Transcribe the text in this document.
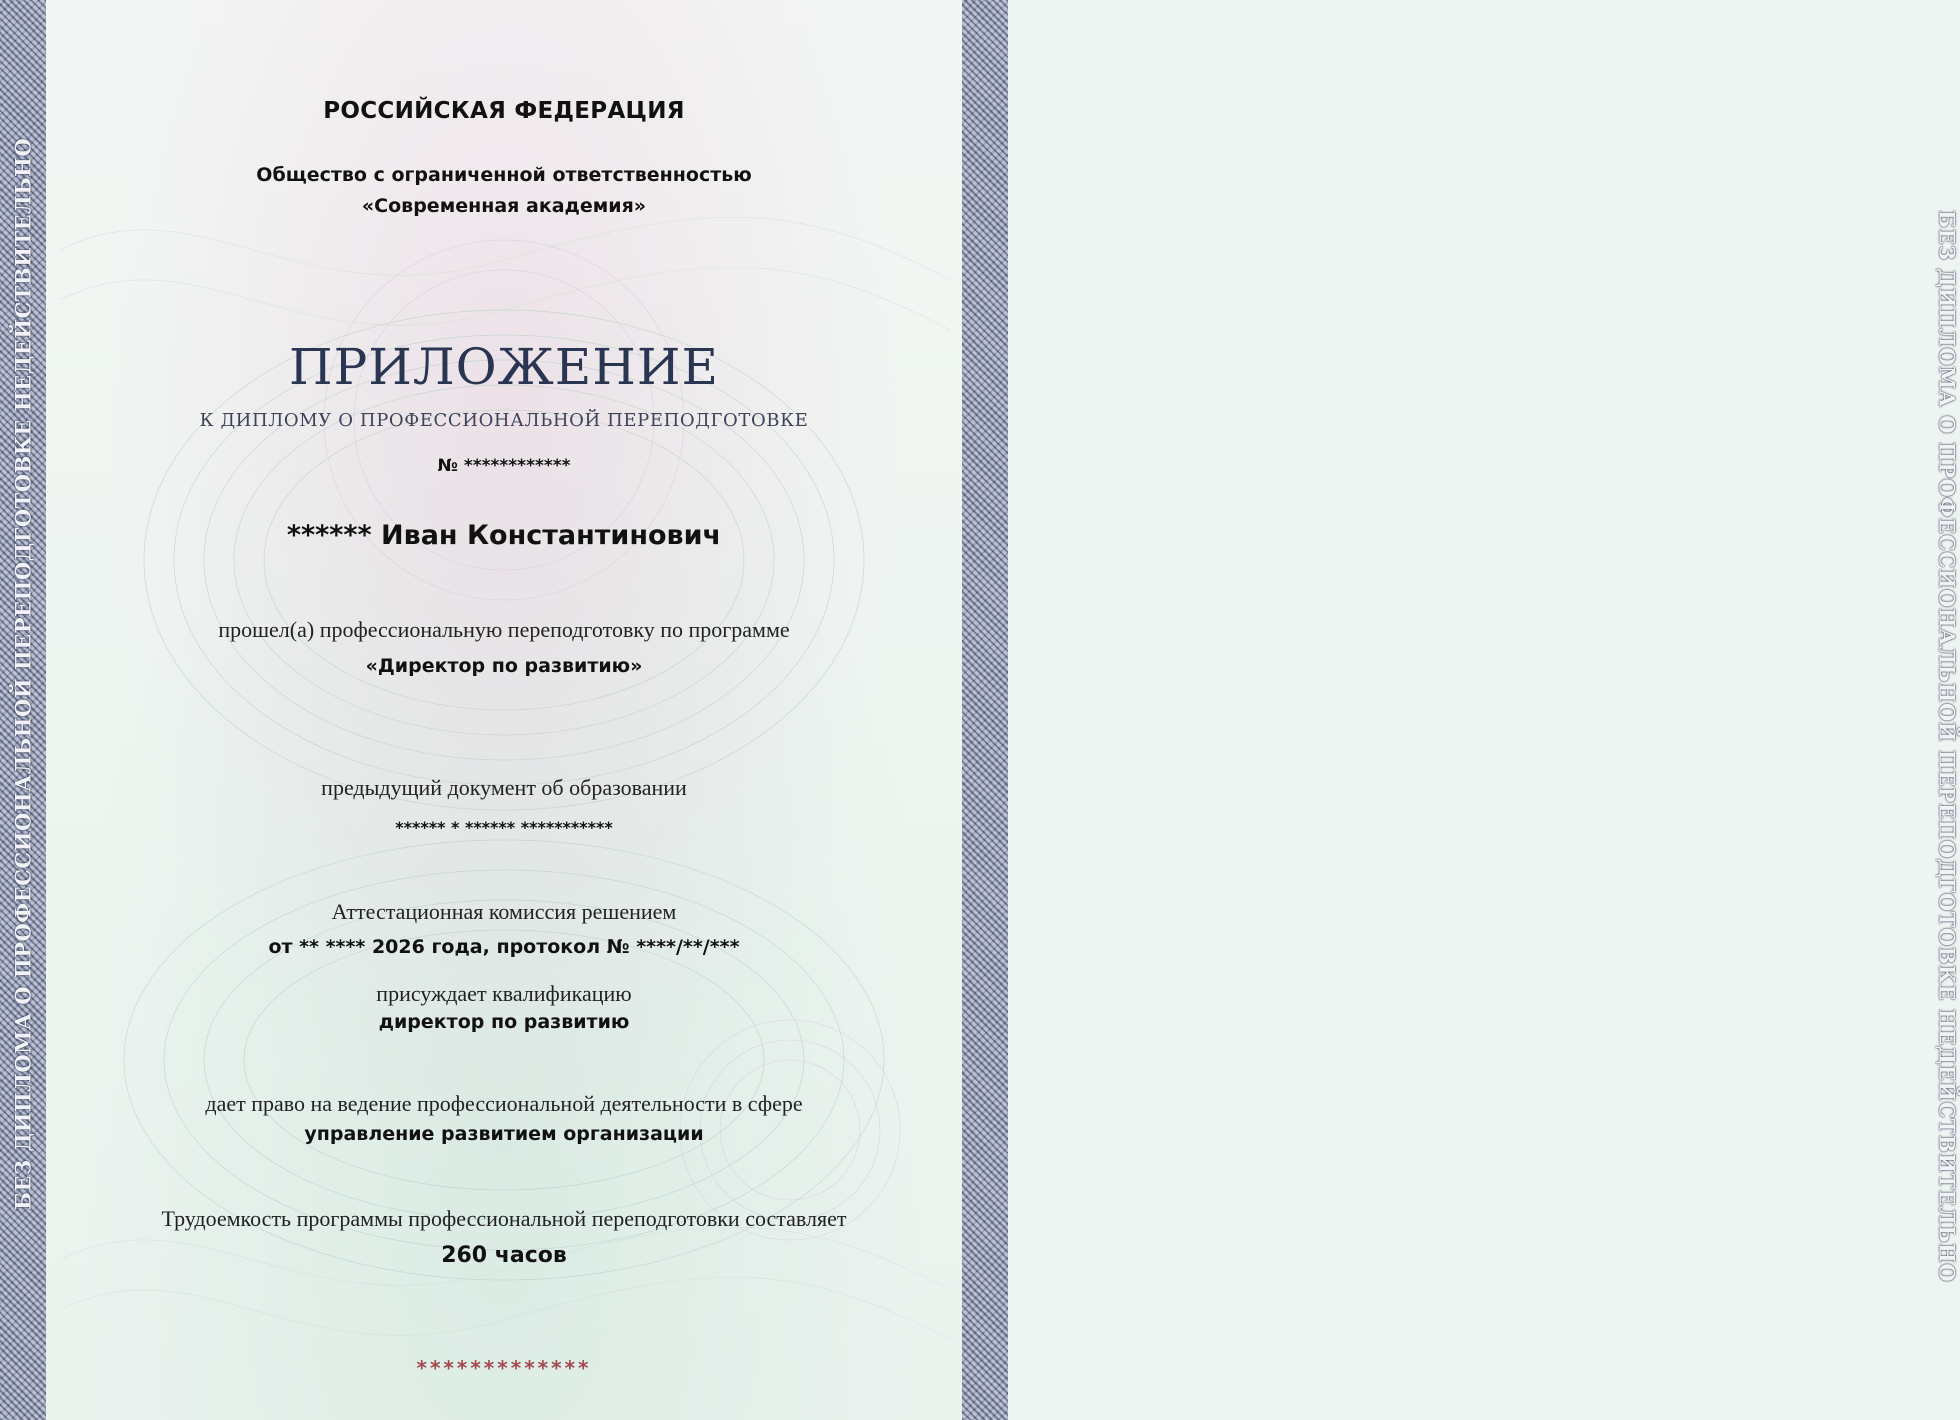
БЕЗ ДИПЛОМА О ПРОФЕССИОНАЛЬНОЙ ПЕРЕПОДГОТОВКЕ НЕДЕЙСТВИТЕЛЬНО	БЕЗ ДИПЛОМА О ПРОФЕССИОНАЛЬНОЙ ПЕРЕПОДГОТОВКЕ НЕДЕЙСТВИТЕЛЬНО
РОССИЙСКАЯ ФЕДЕРАЦИЯ
Общество с ограниченной ответственностью
«Современная академия»
ПРИЛОЖЕНИЕ
К ДИПЛОМУ О ПРОФЕССИОНАЛЬНОЙ ПЕРЕПОДГОТОВКЕ
№ ************
****** Иван Константинович
прошел(а) профессиональную переподготовку по программе
«Директор по развитию»
предыдущий документ об образовании
****** * ****** ***********
Аттестационная комиссия решением
от ** **** 2026 года, протокол № ****/**/***
присуждает квалификацию
директор по развитию
дает право на ведение профессиональной деятельности в сфере
управление развитием организации
Трудоемкость программы профессиональной переподготовки составляет
260 часов
*************
